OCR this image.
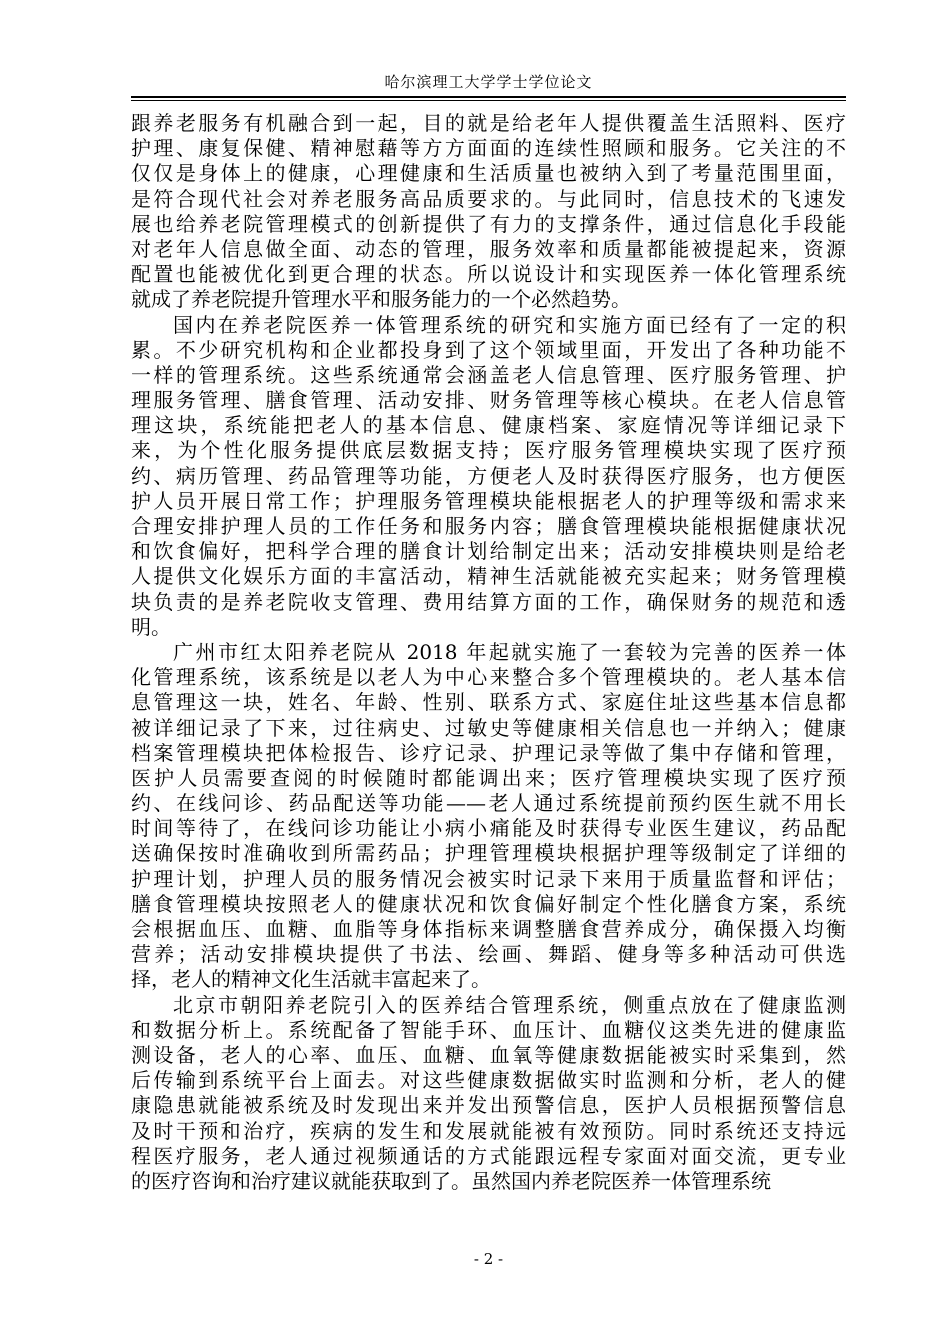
哈尔滨理工大学学士学位论文
跟养老服务有机融合到一起，目的就是给老年人提供覆盖生活照料、医疗
护理、康复保健、精神慰藉等方方面面的连续性照顾和服务。它关注的不
仅仅是身体上的健康，心理健康和生活质量也被纳入到了考量范围里面，
是符合现代社会对养老服务高品质要求的。与此同时，信息技术的飞速发
展也给养老院管理模式的创新提供了有力的支撑条件，通过信息化手段能
对老年人信息做全面、动态的管理，服务效率和质量都能被提起来，资源
配置也能被优化到更合理的状态。所以说设计和实现医养一体化管理系统
就成了养老院提升管理水平和服务能力的一个必然趋势。
国内在养老院医养一体管理系统的研究和实施方面已经有了一定的积
累。不少研究机构和企业都投身到了这个领域里面，开发出了各种功能不
一样的管理系统。这些系统通常会涵盖老人信息管理、医疗服务管理、护
理服务管理、膳食管理、活动安排、财务管理等核心模块。在老人信息管
理这块，系统能把老人的基本信息、健康档案、家庭情况等详细记录下
来，为个性化服务提供底层数据支持；医疗服务管理模块实现了医疗预
约、病历管理、药品管理等功能，方便老人及时获得医疗服务，也方便医
护人员开展日常工作；护理服务管理模块能根据老人的护理等级和需求来
合理安排护理人员的工作任务和服务内容；膳食管理模块能根据健康状况
和饮食偏好，把科学合理的膳食计划给制定出来；活动安排模块则是给老
人提供文化娱乐方面的丰富活动，精神生活就能被充实起来；财务管理模
块负责的是养老院收支管理、费用结算方面的工作，确保财务的规范和透
明。
广州市红太阳养老院从 2018 年起就实施了一套较为完善的医养一体
化管理系统，该系统是以老人为中心来整合多个管理模块的。老人基本信
息管理这一块，姓名、年龄、性别、联系方式、家庭住址这些基本信息都
被详细记录了下来，过往病史、过敏史等健康相关信息也一并纳入；健康
档案管理模块把体检报告、诊疗记录、护理记录等做了集中存储和管理，
医护人员需要查阅的时候随时都能调出来；医疗管理模块实现了医疗预
约、在线问诊、药品配送等功能——老人通过系统提前预约医生就不用长
时间等待了，在线问诊功能让小病小痛能及时获得专业医生建议，药品配
送确保按时准确收到所需药品；护理管理模块根据护理等级制定了详细的
护理计划，护理人员的服务情况会被实时记录下来用于质量监督和评估；
膳食管理模块按照老人的健康状况和饮食偏好制定个性化膳食方案，系统
会根据血压、血糖、血脂等身体指标来调整膳食营养成分，确保摄入均衡
营养；活动安排模块提供了书法、绘画、舞蹈、健身等多种活动可供选
择，老人的精神文化生活就丰富起来了。
北京市朝阳养老院引入的医养结合管理系统，侧重点放在了健康监测
和数据分析上。系统配备了智能手环、血压计、血糖仪这类先进的健康监
测设备，老人的心率、血压、血糖、血氧等健康数据能被实时采集到，然
后传输到系统平台上面去。对这些健康数据做实时监测和分析，老人的健
康隐患就能被系统及时发现出来并发出预警信息，医护人员根据预警信息
及时干预和治疗，疾病的发生和发展就能被有效预防。同时系统还支持远
程医疗服务，老人通过视频通话的方式能跟远程专家面对面交流，更专业
的医疗咨询和治疗建议就能获取到了。虽然国内养老院医养一体管理系统
- 2 -
